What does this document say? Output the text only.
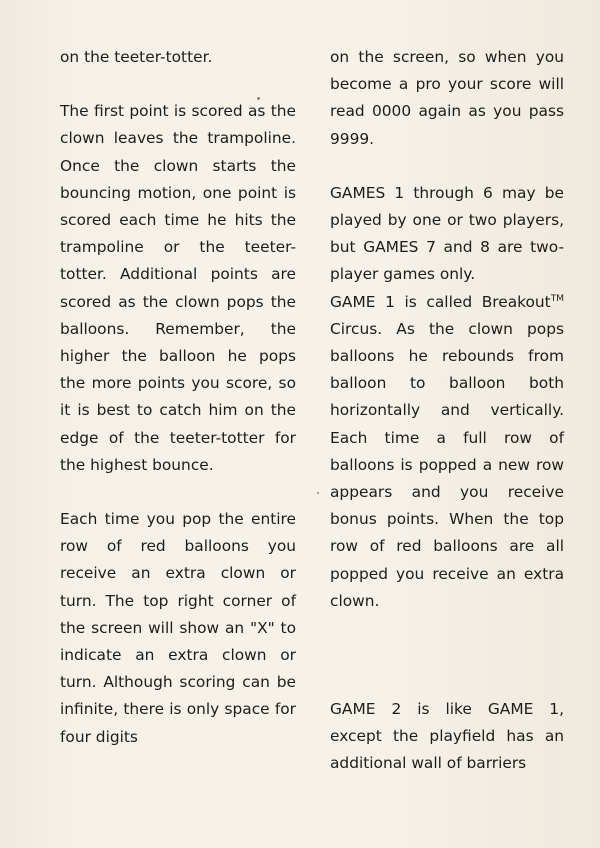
on the teeter-totter.

The first point is scored as the clown leaves the trampoline. Once the clown starts the bouncing motion, one point is scored each time he hits the trampoline or the teeter-totter. Additional points are scored as the clown pops the balloons. Remember, the higher the balloon he pops the more points you score, so it is best to catch him on the edge of the teeter-totter for the highest bounce.

Each time you pop the entire row of red balloons you receive an extra clown or turn. The top right corner of the screen will show an "X" to indicate an extra clown or turn. Although scoring can be infinite, there is only space for four digits

on the screen, so when you become a pro your score will read 0000 again as you pass 9999.

GAMES 1 through 6 may be played by one or two players, but GAMES 7 and 8 are two-player games only.

GAME 1 is called Breakout™ Circus. As the clown pops balloons he rebounds from balloon to balloon both horizontally and vertically. Each time a full row of balloons is popped a new row appears and you receive bonus points. When the top row of red balloons are all popped you receive an extra clown.

GAME 2 is like GAME 1, except the playfield has an additional wall of barriers
